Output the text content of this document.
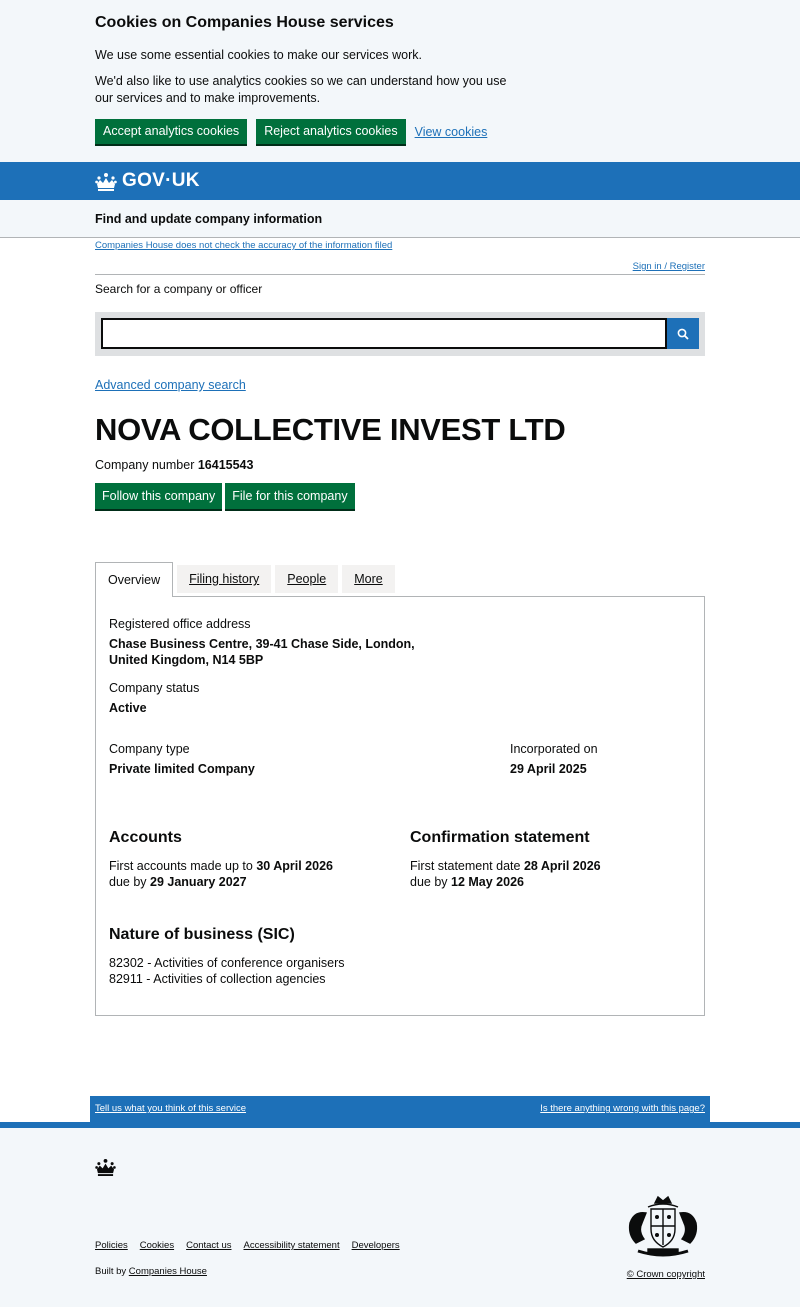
Cookies on Companies House services

We use some essential cookies to make our services work.

We'd also like to use analytics cookies so we can understand how you use our services and to make improvements.

Accept analytics cookies	Reject analytics cookies	View cookies
GOV·UK
Find and update company information
Companies House does not check the accuracy of the information filed
Sign in / Register
Search for a company or officer
Advanced company search
NOVA COLLECTIVE INVEST LTD
Company number 16415543
Follow this company	File for this company
Overview	Filing history	People	More
Registered office address
Chase Business Centre, 39-41 Chase Side, London, United Kingdom, N14 5BP
Company status
Active
Company type
Private limited Company
Incorporated on
29 April 2025
Accounts
First accounts made up to 30 April 2026
due by 29 January 2027
Confirmation statement
First statement date 28 April 2026
due by 12 May 2026
Nature of business (SIC)
82302 - Activities of conference organisers
82911 - Activities of collection agencies
Tell us what you think of this service	Is there anything wrong with this page?
Policies Cookies Contact us Accessibility statement Developers
Built by Companies House	© Crown copyright
